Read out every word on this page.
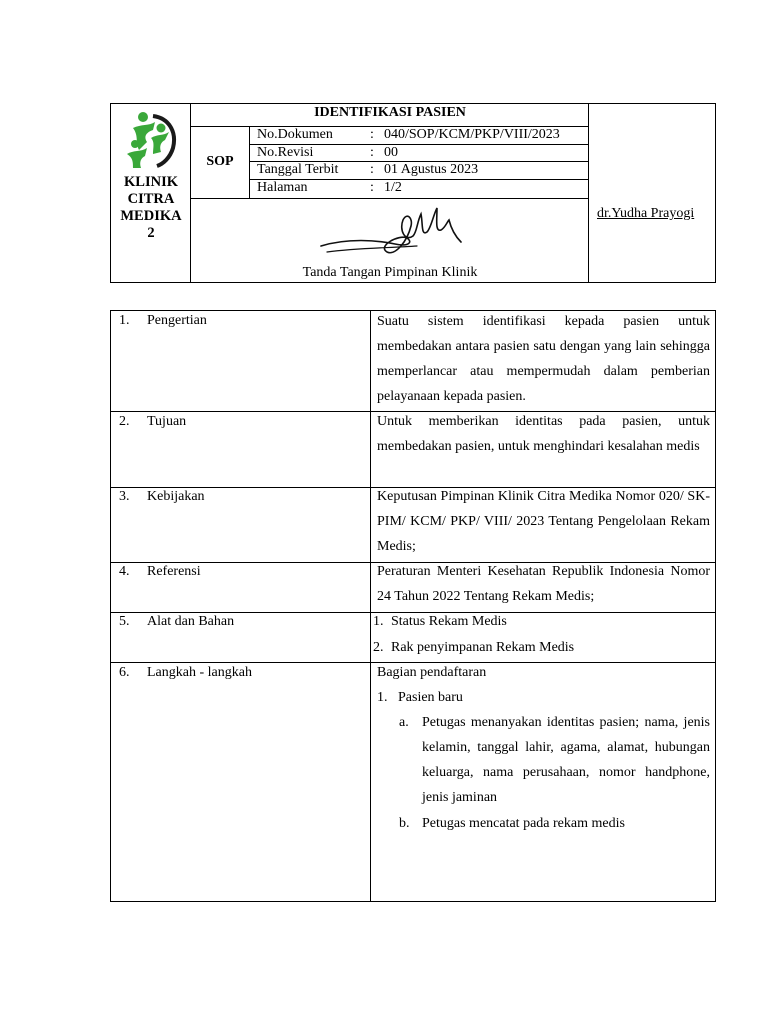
KLINIK
CITRA
MEDIKA
2
IDENTIFIKASI PASIEN
SOP
No.Dokumen	: 040/SOP/KCM/PKP/VIII/2023
No.Revisi	: 00
Tanggal Terbit	: 01 Agustus 2023
Halaman	: 1/2
Tanda Tangan Pimpinan Klinik
dr.Yudha Prayogi
1. Pengertian	Suatu sistem identifikasi kepada pasien untuk membedakan antara pasien satu dengan yang lain sehingga memperlancar atau mempermudah dalam pemberian pelayanaan kepada pasien.
2. Tujuan	Untuk memberikan identitas pada pasien, untuk membedakan pasien, untuk menghindari kesalahan medis
3. Kebijakan	Keputusan Pimpinan Klinik Citra Medika Nomor 020/ SK-PIM/ KCM/ PKP/ VIII/ 2023 Tentang Pengelolaan Rekam Medis;
4. Referensi	Peraturan Menteri Kesehatan Republik Indonesia Nomor 24 Tahun 2022 Tentang Rekam Medis;
5. Alat dan Bahan	1. Status Rekam Medis
2. Rak penyimpanan Rekam Medis
6. Langkah - langkah	Bagian pendaftaran
1. Pasien baru
a. Petugas menanyakan identitas pasien; nama, jenis kelamin, tanggal lahir, agama, alamat, hubungan keluarga, nama perusahaan, nomor handphone, jenis jaminan
b. Petugas mencatat pada rekam medis
